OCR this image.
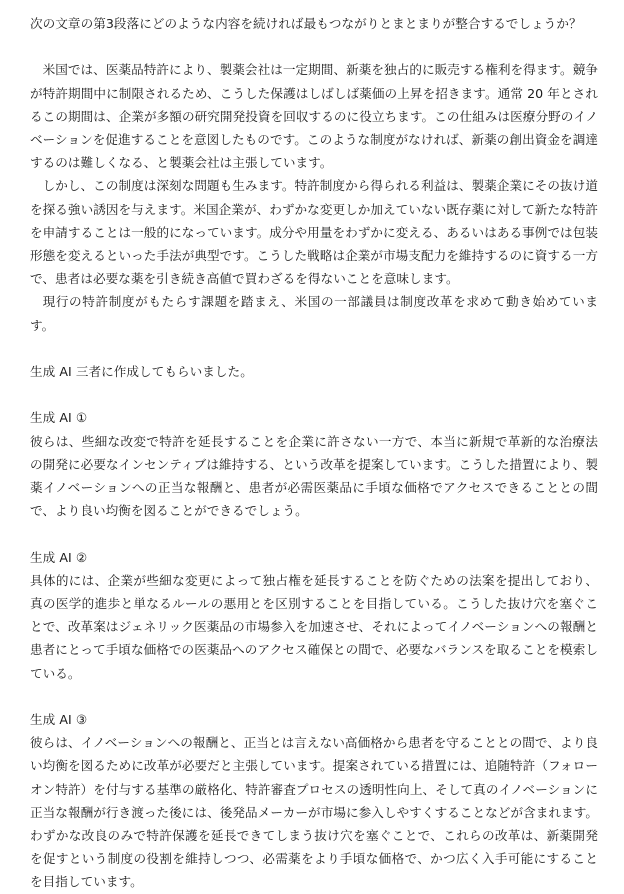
次の文章の第3段落にどのような内容を続ければ最もつながりとまとまりが整合するでしょうか？

米国では、医薬品特許により、製薬会社は一定期間、新薬を独占的に販売する権利を得ます。競争が特許期間中に制限されるため、こうした保護はしばしば薬価の上昇を招きます。通常 20 年とされるこの期間は、企業が多額の研究開発投資を回収するのに役立ちます。この仕組みは医療分野のイノベーションを促進することを意図したものです。このような制度がなければ、新薬の創出資金を調達するのは難しくなる、と製薬会社は主張しています。

しかし、この制度は深刻な問題も生みます。特許制度から得られる利益は、製薬企業にその抜け道を探る強い誘因を与えます。米国企業が、わずかな変更しか加えていない既存薬に対して新たな特許を申請することは一般的になっています。成分や用量をわずかに変える、あるいはある事例では包装形態を変えるといった手法が典型です。こうした戦略は企業が市場支配力を維持するのに資する一方で、患者は必要な薬を引き続き高値で買わざるを得ないことを意味します。

現行の特許制度がもたらす課題を踏まえ、米国の一部議員は制度改革を求めて動き始めています。

生成 AI 三者に作成してもらいました。

生成 AI ①

彼らは、些細な改変で特許を延長することを企業に許さない一方で、本当に新規で革新的な治療法の開発に必要なインセンティブは維持する、という改革を提案しています。こうした措置により、製薬イノベーションへの正当な報酬と、患者が必需医薬品に手頃な価格でアクセスできることとの間で、より良い均衡を図ることができるでしょう。

生成 AI ②

具体的には、企業が些細な変更によって独占権を延長することを防ぐための法案を提出しており、真の医学的進歩と単なるルールの悪用とを区別することを目指している。こうした抜け穴を塞ぐことで、改革案はジェネリック医薬品の市場参入を加速させ、それによってイノベーションへの報酬と患者にとって手頃な価格での医薬品へのアクセス確保との間で、必要なバランスを取ることを模索している。

生成 AI ③

彼らは、イノベーションへの報酬と、正当とは言えない高価格から患者を守ることとの間で、より良い均衡を図るために改革が必要だと主張しています。提案されている措置には、追随特許（フォローオン特許）を付与する基準の厳格化、特許審査プロセスの透明性向上、そして真のイノベーションに正当な報酬が行き渡った後には、後発品メーカーが市場に参入しやすくすることなどが含まれます。わずかな改良のみで特許保護を延長できてしまう抜け穴を塞ぐことで、これらの改革は、新薬開発を促すという制度の役割を維持しつつ、必需薬をより手頃な価格で、かつ広く入手可能にすることを目指しています。
